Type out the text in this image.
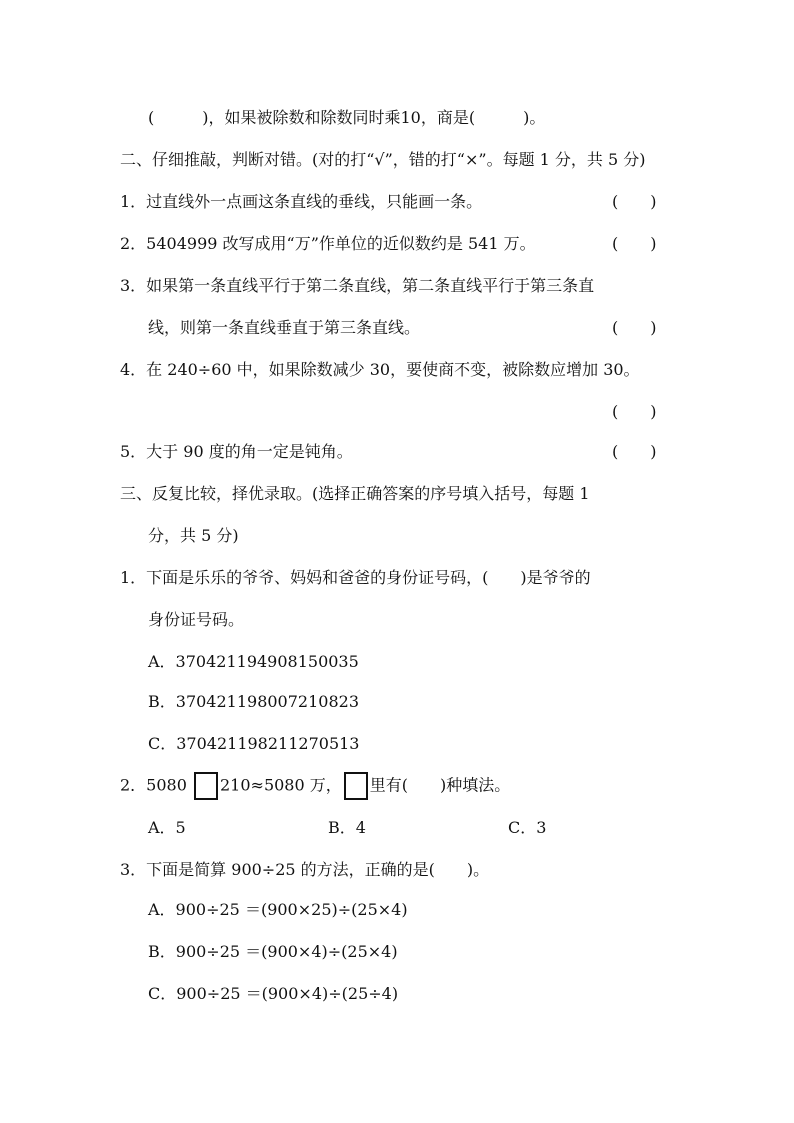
(　　　)，如果被除数和除数同时乘10，商是(　　　)。
二、仔细推敲，判断对错。(对的打“√”，错的打“×”。每题 1 分，共 5 分)
1．过直线外一点画这条直线的垂线，只能画一条。	(　　)
2．5404999 改写成用“万”作单位的近似数约是 541 万。	(　　)
3．如果第一条直线平行于第二条直线，第二条直线平行于第三条直
线，则第一条直线垂直于第三条直线。	(　　)
4．在 240÷60 中，如果除数减少 30，要使商不变，被除数应增加 30。
(　　)
5．大于 90 度的角一定是钝角。	(　　)
三、反复比较，择优录取。(选择正确答案的序号填入括号，每题 1
分，共 5 分)
1．下面是乐乐的爷爷、妈妈和爸爸的身份证号码，(　　)是爷爷的
身份证号码。
A．370421194908150035
B．370421198007210823
C．370421198211270513
2．5080 210≈5080 万， 里有(　　)种填法。
A．5	B．4	C．3
3．下面是简算 900÷25 的方法，正确的是(　　)。
A．900÷25 ＝(900×25)÷(25×4)
B．900÷25 ＝(900×4)÷(25×4)
C．900÷25 ＝(900×4)÷(25÷4)
